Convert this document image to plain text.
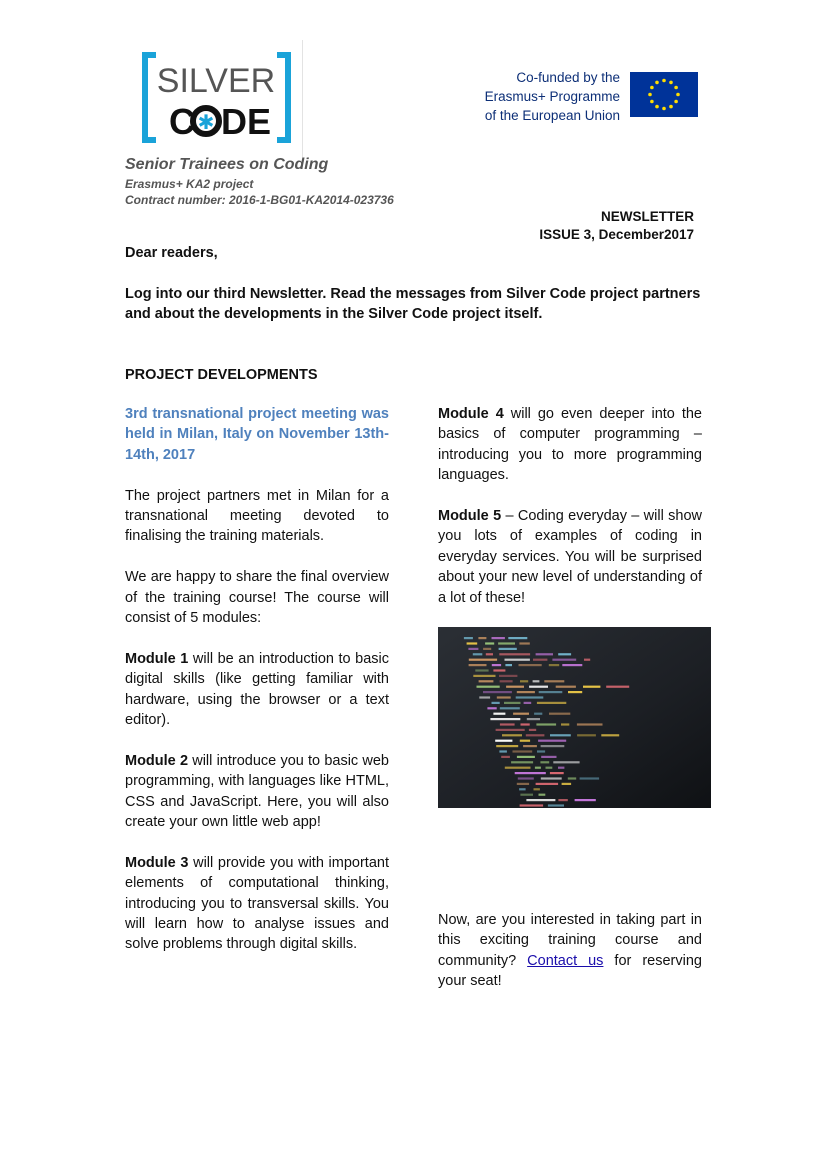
SILVER
C ✱ DE
Co-funded by the
Erasmus+ Programme
of the European Union
Senior Trainees on Coding
Erasmus+ KA2 project
Contract number: 2016-1-BG01-KA2014-023736
NEWSLETTER
ISSUE 3, December2017
Dear readers,
Log into our third Newsletter. Read the messages from Silver Code project partners and about the developments in the Silver Code project itself.
PROJECT DEVELOPMENTS

3rd transnational project meeting was held in Milan, Italy on November 13th-14th, 2017

The project partners met in Milan for a transnational meeting devoted to finalising the training materials.

We are happy to share the final overview of the training course! The course will consist of 5 modules:

Module 1 will be an introduction to basic digital skills (like getting familiar with hardware, using the browser or a text editor).

Module 2 will introduce you to basic web programming, with languages like HTML, CSS and JavaScript. Here, you will also create your own little web app!

Module 3 will provide you with important elements of computational thinking, introducing you to transversal skills. You will learn how to analyse issues and solve problems through digital skills.

Module 4 will go even deeper into the basics of computer programming – introducing you to more programming languages.

Module 5 – Coding everyday – will show you lots of examples of coding in everyday services. You will be surprised about your new level of understanding of a lot of these!

Now, are you interested in taking part in this exciting training course and community? Contact us for reserving your seat!
